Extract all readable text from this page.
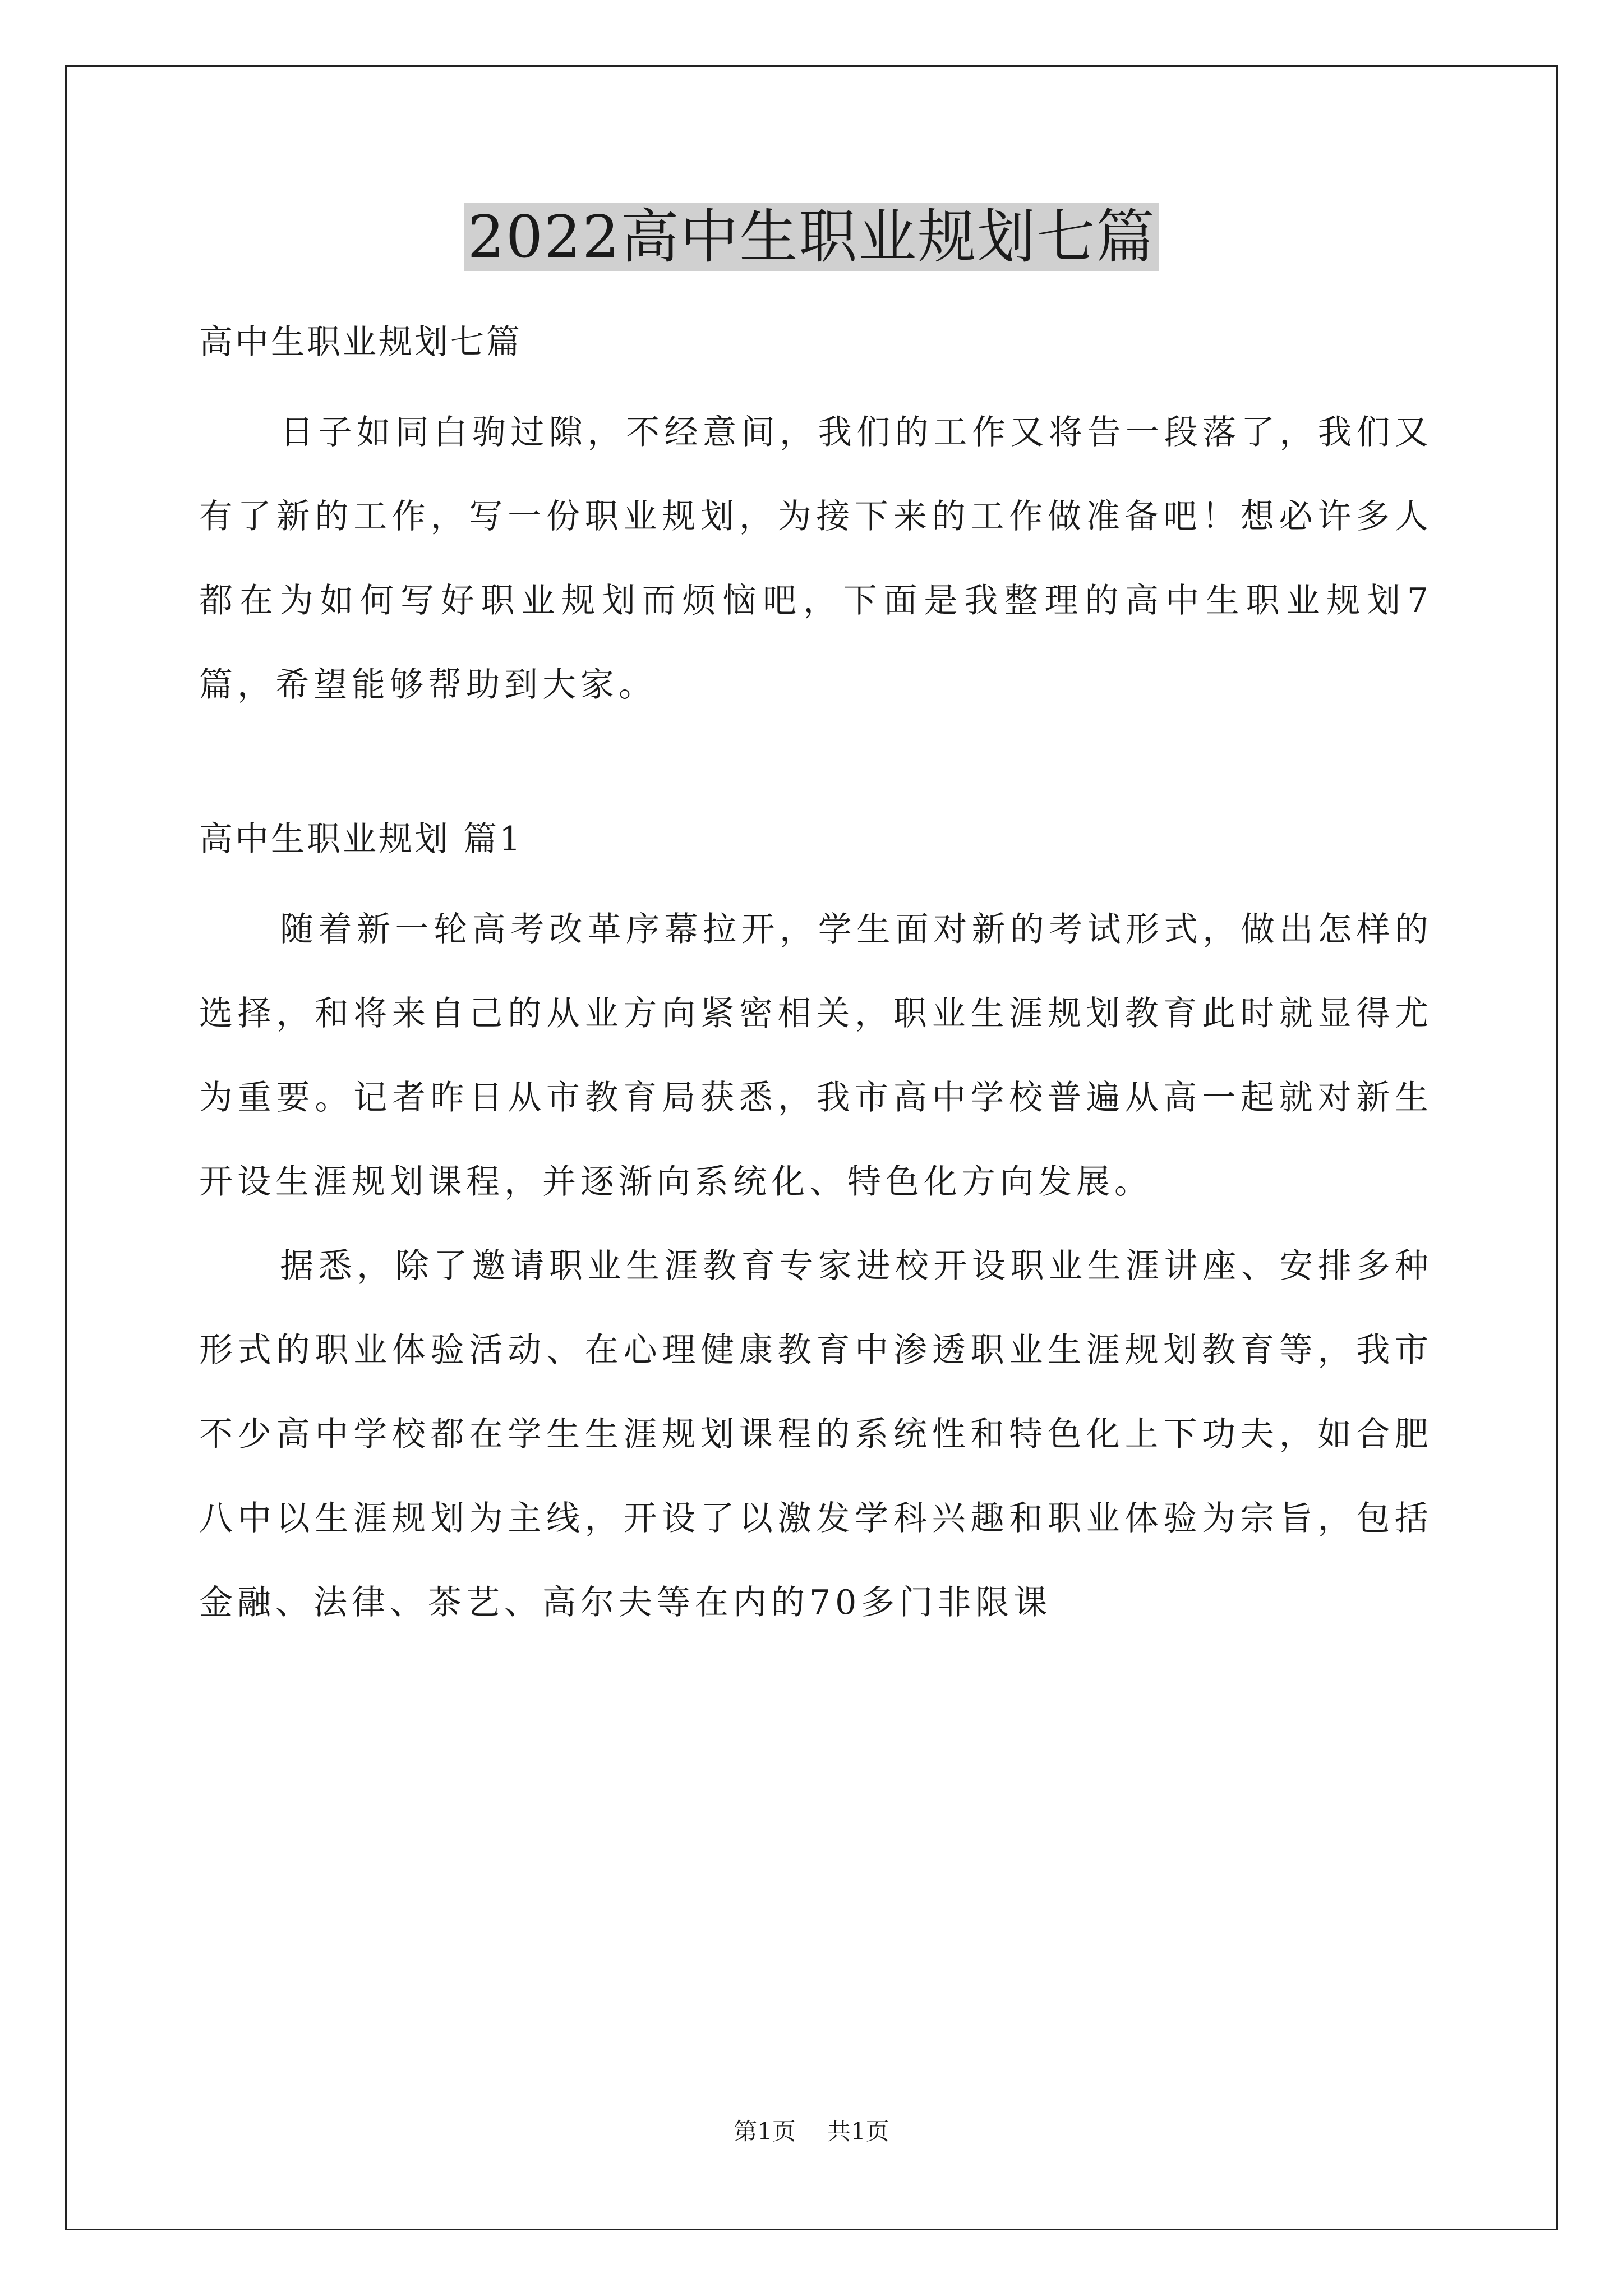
2022高中生职业规划七篇

高中生职业规划七篇

日子如同白驹过隙，不经意间，我们的工作又将告一段落了，我们又有了新的工作，写一份职业规划，为接下来的工作做准备吧！想必许多人都在为如何写好职业规划而烦恼吧，下面是我整理的高中生职业规划7篇，希望能够帮助到大家。

高中生职业规划 篇1

随着新一轮高考改革序幕拉开，学生面对新的考试形式，做出怎样的选择，和将来自己的从业方向紧密相关，职业生涯规划教育此时就显得尤为重要。记者昨日从市教育局获悉，我市高中学校普遍从高一起就对新生开设生涯规划课程，并逐渐向系统化、特色化方向发展。

据悉，除了邀请职业生涯教育专家进校开设职业生涯讲座、安排多种形式的职业体验活动、在心理健康教育中渗透职业生涯规划教育等，我市不少高中学校都在学生生涯规划课程的系统性和特色化上下功夫，如合肥八中以生涯规划为主线，开设了以激发学科兴趣和职业体验为宗旨，包括金融、法律、茶艺、高尔夫等在内的70多门非限课

第1页 共1页
